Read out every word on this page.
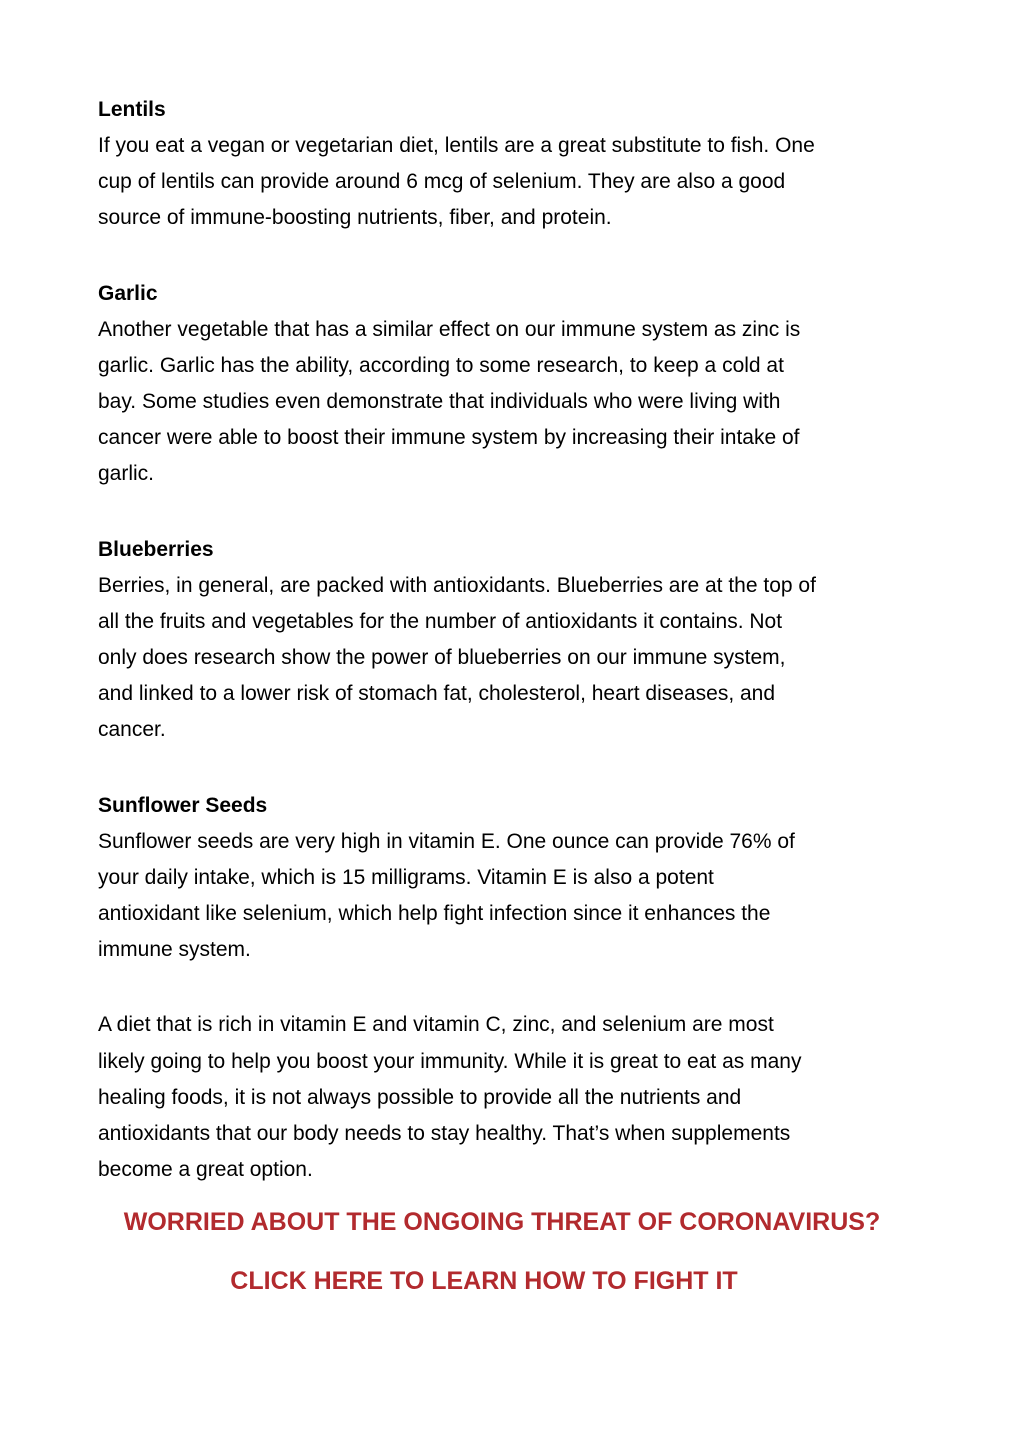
Lentils

If you eat a vegan or vegetarian diet, lentils are a great substitute to fish. One
cup of lentils can provide around 6 mcg of selenium. They are also a good
source of immune-boosting nutrients, fiber, and protein.

Garlic

Another vegetable that has a similar effect on our immune system as zinc is
garlic. Garlic has the ability, according to some research, to keep a cold at
bay. Some studies even demonstrate that individuals who were living with
cancer were able to boost their immune system by increasing their intake of
garlic.

Blueberries

Berries, in general, are packed with antioxidants. Blueberries are at the top of
all the fruits and vegetables for the number of antioxidants it contains. Not
only does research show the power of blueberries on our immune system,
and linked to a lower risk of stomach fat, cholesterol, heart diseases, and
cancer.

Sunflower Seeds

Sunflower seeds are very high in vitamin E. One ounce can provide 76% of
your daily intake, which is 15 milligrams. Vitamin E is also a potent
antioxidant like selenium, which help fight infection since it enhances the
immune system.

A diet that is rich in vitamin E and vitamin C, zinc, and selenium are most
likely going to help you boost your immunity. While it is great to eat as many
healing foods, it is not always possible to provide all the nutrients and
antioxidants that our body needs to stay healthy. That’s when supplements
become a great option.

WORRIED ABOUT THE ONGOING THREAT OF CORONAVIRUS?
CLICK HERE TO LEARN HOW TO FIGHT IT
